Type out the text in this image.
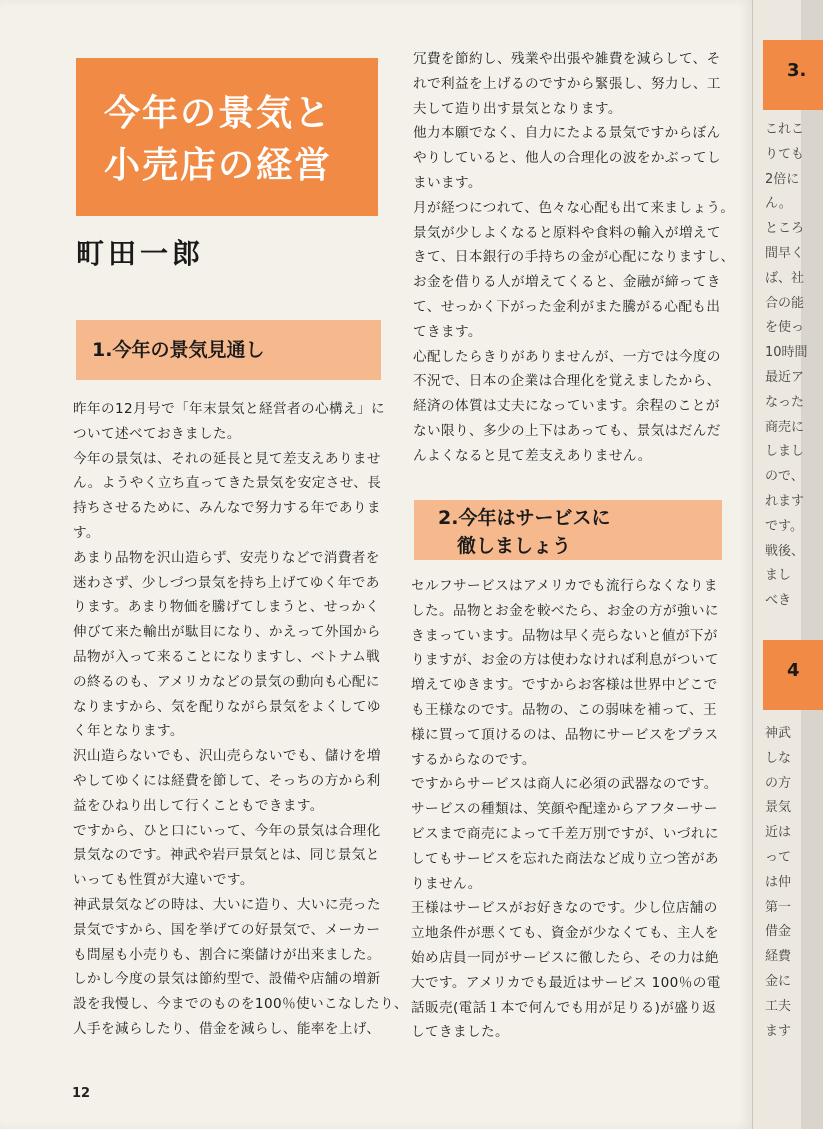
今年の景気と
小売店の経営
町田一郎
1.今年の景気見通し
2.今年はサービスに
　徹しましょう
昨年の12月号で「年末景気と経営者の心構え」に
ついて述べておきました。
今年の景気は、それの延長と見て差支えありませ
ん。ようやく立ち直ってきた景気を安定させ、長
持ちさせるために、みんなで努力する年でありま
す。
あまり品物を沢山造らず、安売りなどで消費者を
迷わさず、少しづつ景気を持ち上げてゆく年であ
ります。あまり物価を騰げてしまうと、せっかく
伸びて来た輸出が駄目になり、かえって外国から
品物が入って来ることになりますし、ベトナム戦
の終るのも、アメリカなどの景気の動向も心配に
なりますから、気を配りながら景気をよくしてゆ
く年となります。
沢山造らないでも、沢山売らないでも、儲けを増
やしてゆくには経費を節して、そっちの方から利
益をひねり出して行くこともできます。
ですから、ひと口にいって、今年の景気は合理化
景気なのです。神武や岩戸景気とは、同じ景気と
いっても性質が大違いです。
神武景気などの時は、大いに造り、大いに売った
景気ですから、国を挙げての好景気で、メーカー
も問屋も小売りも、割合に楽儲けが出来ました。
しかし今度の景気は節約型で、設備や店舗の増新
設を我慢し、今までのものを100％使いこなしたり、
人手を減らしたり、借金を減らし、能率を上げ、
冗費を節約し、残業や出張や雑費を減らして、そ
れで利益を上げるのですから緊張し、努力し、工
夫して造り出す景気となります。
他力本願でなく、自力にたよる景気ですからぼん
やりしていると、他人の合理化の波をかぶってし
まいます。
月が経つにつれて、色々な心配も出て来ましょう。
景気が少しよくなると原料や食料の輸入が増えて
きて、日本銀行の手持ちの金が心配になりますし、
お金を借りる人が増えてくると、金融が締ってき
て、せっかく下がった金利がまた騰がる心配も出
てきます。
心配したらきりがありませんが、一方では今度の
不況で、日本の企業は合理化を覚えましたから、
経済の体質は丈夫になっています。余程のことが
ない限り、多少の上下はあっても、景気はだんだ
んよくなると見て差支えありません。
セルフサービスはアメリカでも流行らなくなりま
した。品物とお金を較べたら、お金の方が強いに
きまっています。品物は早く売らないと値が下が
りますが、お金の方は使わなければ利息がついて
増えてゆきます。ですからお客様は世界中どこで
も王様なのです。品物の、この弱味を補って、王
様に買って頂けるのは、品物にサービスをプラス
するからなのです。
ですからサービスは商人に必須の武器なのです。
サービスの種類は、笑顔や配達からアフターサー
ビスまで商売によって千差万別ですが、いづれに
してもサービスを忘れた商法など成り立つ筈があ
りません。
王様はサービスがお好きなのです。少し位店舗の
立地条件が悪くても、資金が少なくても、主人を
始め店員一同がサービスに徹したら、その力は絶
大です。アメリカでも最近はサービス 100％の電
話販売(電話１本で何んでも用が足りる)が盛り返
してきました。
12
3.
これこ
りても
2倍に
ん。
ところ
間早く
ば、社
合の能
を使っ
10時間
最近ア
なった
商売に
しまし
ので、
れます
です。
戦後、
まし
べき
4
神武
しな
の方
景気
近は
って
は仲
第一
借金
経費
金に
工夫
ます
